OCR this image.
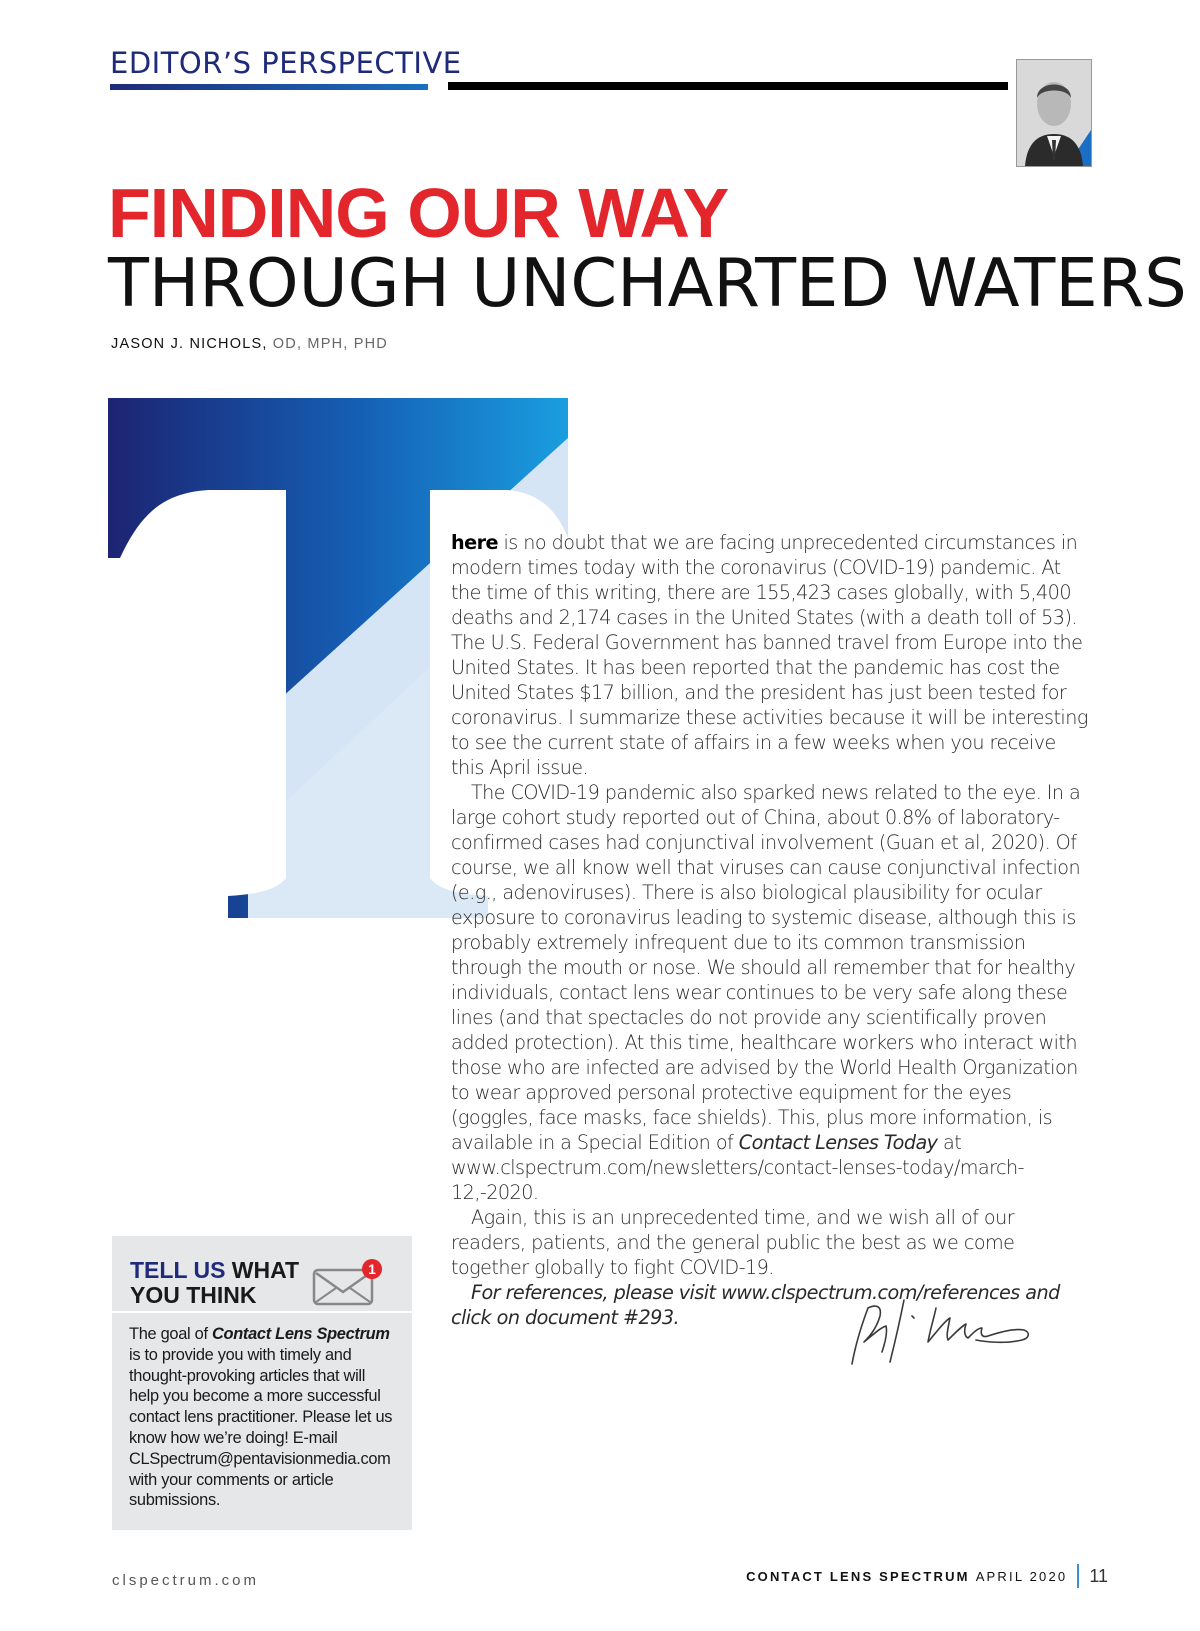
EDITOR’S PERSPECTIVE
FINDING OUR WAY
THROUGH UNCHARTED WATERS
JASON J. NICHOLS, OD, MPH, PHD

here is no doubt that we are facing unprecedented circumstances in modern times today with the coronavirus (COVID-19) pandemic. At the time of this writing, there are 155,423 cases globally, with 5,400 deaths and 2,174 cases in the United States (with a death toll of 53). The U.S. Federal Government has banned travel from Europe into the United States. It has been reported that the pandemic has cost the United States $17 billion, and the president has just been tested for coronavirus. I summarize these activities because it will be interesting to see the current state of affairs in a few weeks when you receive this April issue.

The COVID-19 pandemic also sparked news related to the eye. In a large cohort study reported out of China, about 0.8% of laboratory-confirmed cases had conjunctival involvement (Guan et al, 2020). Of course, we all know well that viruses can cause conjunctival infection (e.g., adenoviruses). There is also biological plausibility for ocular exposure to coronavirus leading to systemic disease, although this is probably extremely infrequent due to its common transmission through the mouth or nose. We should all remember that for healthy individuals, contact lens wear continues to be very safe along these lines (and that spectacles do not provide any scientifically proven added protection). At this time, healthcare workers who interact with those who are infected are advised by the World Health Organization to wear approved personal protective equipment for the eyes (goggles, face masks, face shields). This, plus more information, is available in a Special Edition of Contact Lenses Today at www.clspectrum.com/newsletters/contact-lenses-today/march-12,-2020.

Again, this is an unprecedented time, and we wish all of our readers, patients, and the general public the best as we come together globally to fight COVID-19.

For references, please visit www.clspectrum.com/references and click on document #293.

TELL US WHAT
YOU THINK
1
The goal of Contact Lens Spectrum is to provide you with timely and thought-provoking articles that will help you become a more successful contact lens practitioner. Please let us know how we’re doing! E-mail CLSpectrum@pentavisionmedia.com with your comments or article submissions.
clspectrum.com	CONTACT LENS SPECTRUM APRIL 2020 11
